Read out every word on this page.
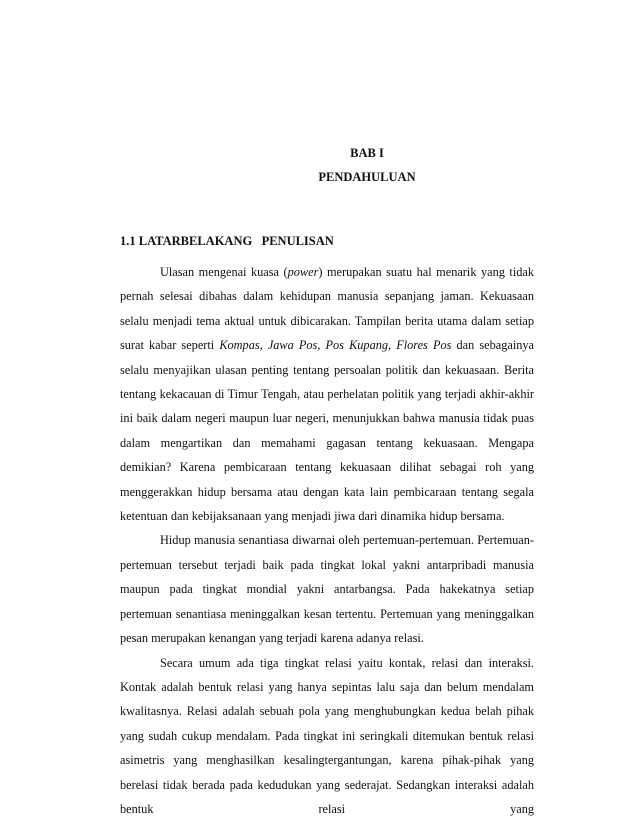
BAB I
PENDAHULUAN
1.1 LATARBELAKANG   PENULISAN

Ulasan mengenai kuasa (power) merupakan suatu hal menarik yang tidak pernah selesai dibahas dalam kehidupan manusia sepanjang jaman. Kekuasaan selalu menjadi tema aktual untuk dibicarakan. Tampilan berita utama dalam setiap surat kabar seperti Kompas, Jawa Pos, Pos Kupang, Flores Pos dan sebagainya selalu menyajikan ulasan penting tentang persoalan politik dan kekuasaan. Berita tentang kekacauan di Timur Tengah, atau perhelatan politik yang terjadi akhir-akhir ini baik dalam negeri maupun luar negeri, menunjukkan bahwa manusia tidak puas dalam mengartikan dan memahami gagasan tentang kekuasaan. Mengapa demikian? Karena pembicaraan tentang kekuasaan dilihat sebagai roh yang menggerakkan hidup bersama atau dengan kata lain pembicaraan tentang segala ketentuan dan kebijaksanaan yang menjadi jiwa dari dinamika hidup bersama.

Hidup manusia senantiasa diwarnai oleh pertemuan-pertemuan. Pertemuan-pertemuan tersebut terjadi baik pada tingkat lokal yakni antarpribadi manusia maupun pada tingkat mondial yakni antarbangsa. Pada hakekatnya setiap pertemuan senantiasa meninggalkan kesan tertentu. Pertemuan yang meninggalkan pesan merupakan kenangan yang terjadi karena adanya relasi.

Secara umum ada tiga tingkat relasi yaitu kontak, relasi dan interaksi. Kontak adalah bentuk relasi yang hanya sepintas lalu saja dan belum mendalam kwalitasnya. Relasi adalah sebuah pola yang menghubungkan kedua belah pihak yang sudah cukup mendalam. Pada tingkat ini seringkali ditemukan bentuk relasi asimetris yang menghasilkan kesalingtergantungan, karena pihak-pihak yang berelasi tidak berada pada kedudukan yang sederajat. Sedangkan interaksi adalah bentuk relasi yang
